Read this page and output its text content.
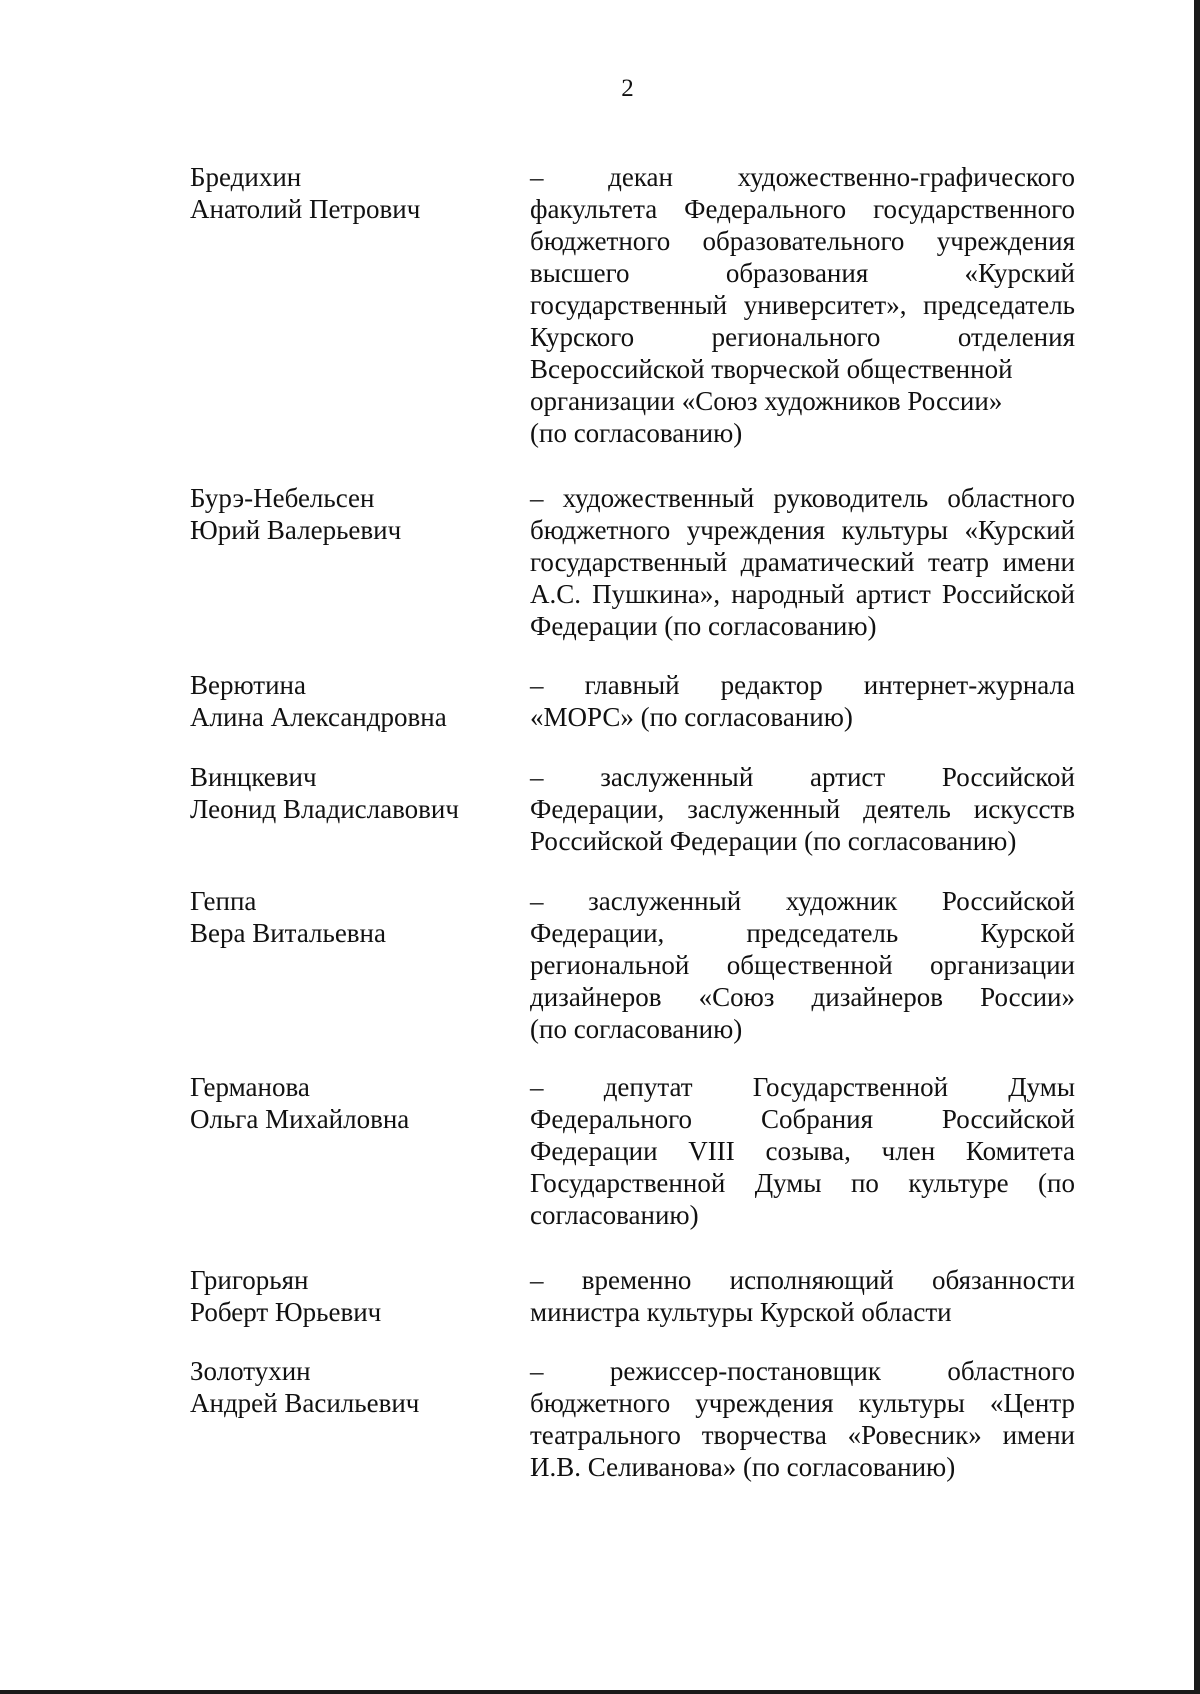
2
Бредихин
Анатолий Петрович
– декан художественно-графического
факультета Федерального государственного
бюджетного образовательного учреждения
высшего образования «Курский
государственный университет», председатель
Курского регионального отделения
Всероссийской творческой общественной
организации «Союз художников России»
(по согласованию)
Бурэ-Небельсен
Юрий Валерьевич
– художественный руководитель областного
бюджетного учреждения культуры «Курский
государственный драматический театр имени
А.С. Пушкина», народный артист Российской
Федерации (по согласованию)
Верютина
Алина Александровна
– главный редактор интернет-журнала
«МОРС» (по согласованию)
Винцкевич
Леонид Владиславович
– заслуженный артист Российской
Федерации, заслуженный деятель искусств
Российской Федерации (по согласованию)
Геппа
Вера Витальевна
– заслуженный художник Российской
Федерации, председатель Курской
региональной общественной организации
дизайнеров «Союз дизайнеров России»
(по согласованию)
Германова
Ольга Михайловна
– депутат Государственной Думы
Федерального Собрания Российской
Федерации VIII созыва, член Комитета
Государственной Думы по культуре (по
согласованию)
Григорьян
Роберт Юрьевич
– временно исполняющий обязанности
министра культуры Курской области
Золотухин
Андрей Васильевич
– режиссер-постановщик областного
бюджетного учреждения культуры «Центр
театрального творчества «Ровесник» имени
И.В. Селиванова» (по согласованию)
